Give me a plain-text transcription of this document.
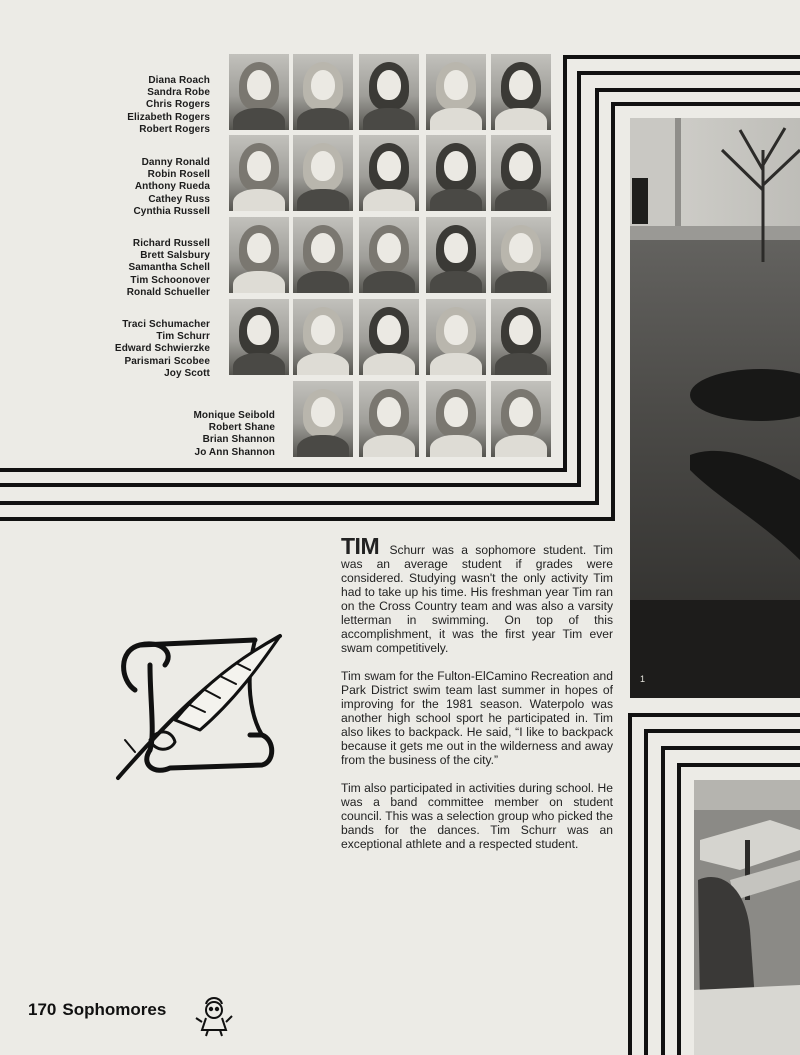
Diana Roach
Sandra Robe
Chris Rogers
Elizabeth Rogers
Robert Rogers
Danny Ronald
Robin Rosell
Anthony Rueda
Cathey Russ
Cynthia Russell
Richard Russell
Brett Salsbury
Samantha Schell
Tim Schoonover
Ronald Schueller
Traci Schumacher
Tim Schurr
Edward Schwierzke
Parismari Scobee
Joy Scott
Monique Seibold
Robert Shane
Brian Shannon
Jo Ann Shannon
1

TIM Schurr was a sophomore student. Tim was an average student if grades were considered. Studying wasn't the only activity Tim had to take up his time. His freshman year Tim ran on the Cross Country team and was also a varsity letterman in swimming. On top of this accomplishment, it was the first year Tim ever swam competitively.

Tim swam for the Fulton-ElCamino Recreation and Park District swim team last summer in hopes of improving for the 1981 season. Waterpolo was another high school sport he participated in. Tim also likes to backpack. He said, “I like to backpack because it gets me out in the wilderness and away from the business of the city.”

Tim also participated in activities during school. He was a band committee member on student council. This was a selection group who picked the bands for the dances. Tim Schurr was an exceptional athlete and a respected student.

170 Sophomores
